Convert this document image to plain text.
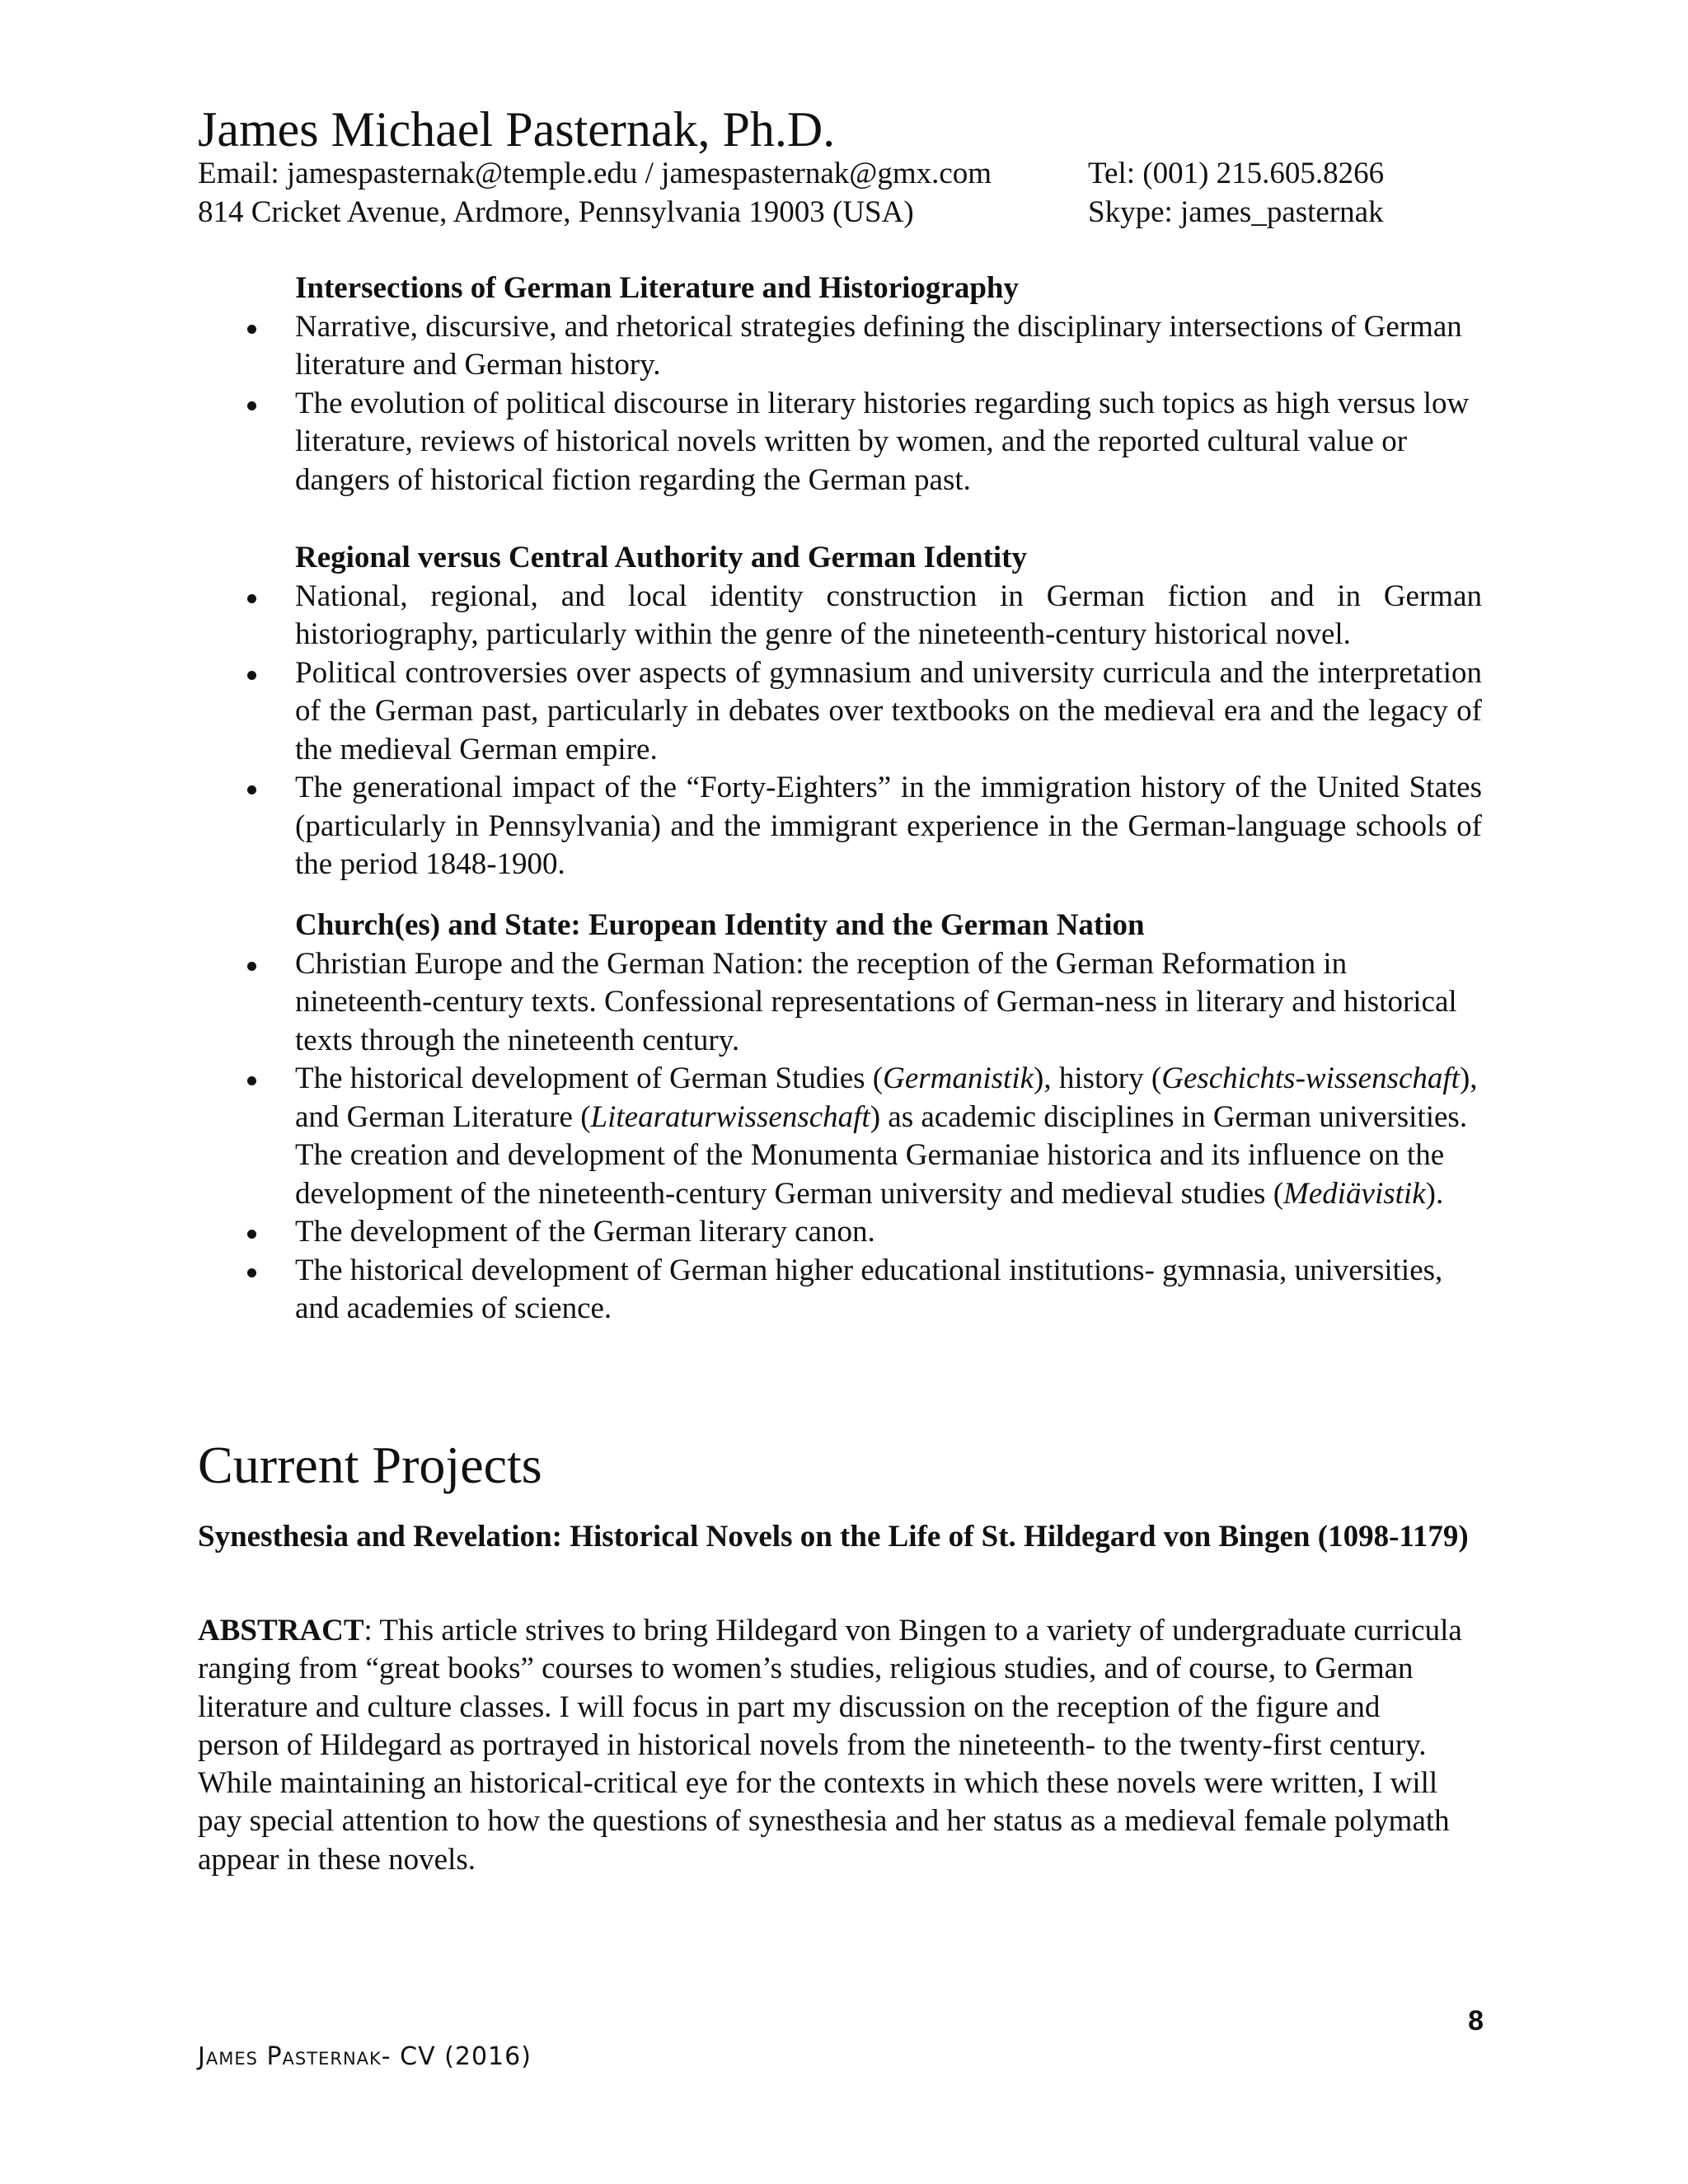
James Michael Pasternak, Ph.D.
Email: jamespasternak@temple.edu / jamespasternak@gmx.com	Tel: (001) 215.605.8266
814 Cricket Avenue, Ardmore, Pennsylvania 19003 (USA)	Skype: james_pasternak
Intersections of German Literature and Historiography
Narrative, discursive, and rhetorical strategies defining the disciplinary intersections of German literature and German history.
The evolution of political discourse in literary histories regarding such topics as high versus low literature, reviews of historical novels written by women, and the reported cultural value or dangers of historical fiction regarding the German past.
Regional versus Central Authority and German Identity
National, regional, and local identity construction in German fiction and in German historiography, particularly within the genre of the nineteenth-century historical novel.
Political controversies over aspects of gymnasium and university curricula and the interpretation of the German past, particularly in debates over textbooks on the medieval era and the legacy of the medieval German empire.
The generational impact of the “Forty-Eighters” in the immigration history of the United States (particularly in Pennsylvania) and the immigrant experience in the German-language schools of the period 1848-1900.
Church(es) and State: European Identity and the German Nation
Christian Europe and the German Nation: the reception of the German Reformation in nineteenth-century texts. Confessional representations of German-ness in literary and historical texts through the nineteenth century.
The historical development of German Studies (Germanistik), history (Geschichts-wissenschaft), and German Literature (Litearaturwissenschaft) as academic disciplines in German universities. The creation and development of the Monumenta Germaniae historica and its influence on the development of the nineteenth-century German university and medieval studies (Mediävistik).
The development of the German literary canon.
The historical development of German higher educational institutions- gymnasia, universities, and academies of science.
Current Projects
Synesthesia and Revelation: Historical Novels on the Life of St. Hildegard von Bingen (1098-1179)
ABSTRACT: This article strives to bring Hildegard von Bingen to a variety of undergraduate curricula ranging from “great books” courses to women’s studies, religious studies, and of course, to German literature and culture classes. I will focus in part my discussion on the reception of the figure and person of Hildegard as portrayed in historical novels from the nineteenth- to the twenty-first century. While maintaining an historical-critical eye for the contexts in which these novels were written, I will pay special attention to how the questions of synesthesia and her status as a medieval female polymath appear in these novels.
8
James Pasternak- CV (2016)
